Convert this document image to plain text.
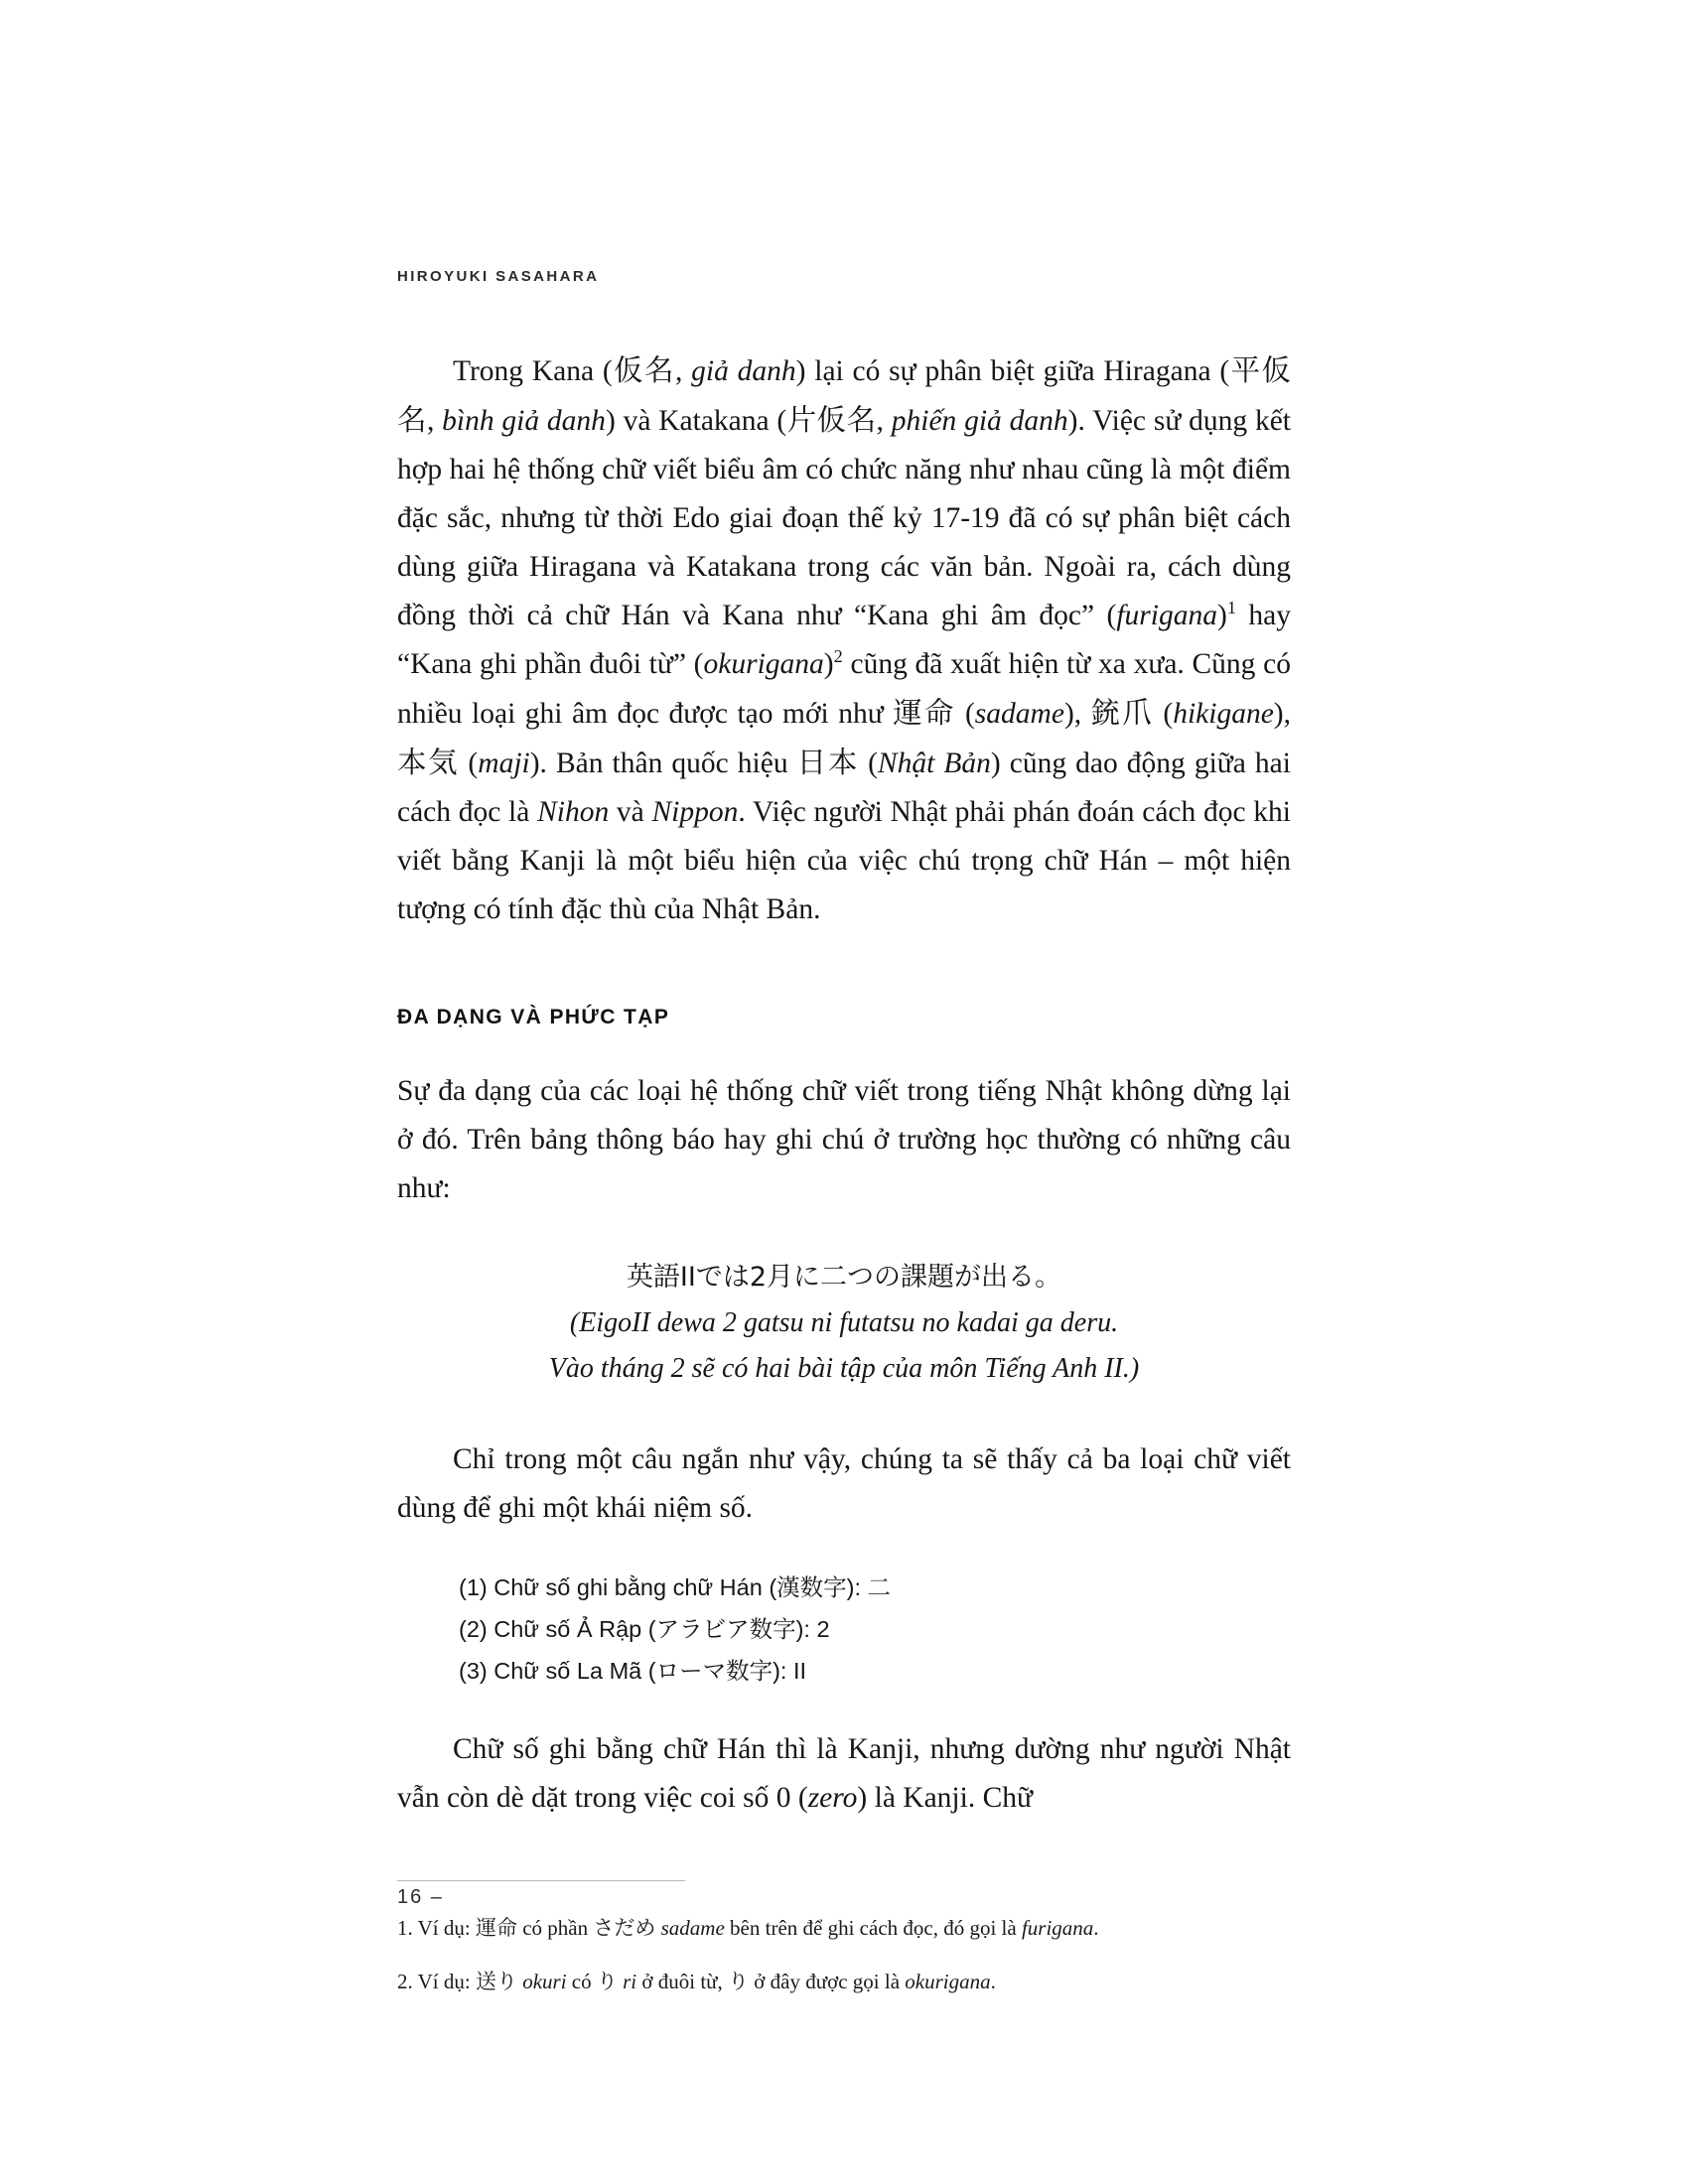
HIROYUKI SASAHARA

Trong Kana (仮名, giả danh) lại có sự phân biệt giữa Hiragana (平仮名, bình giả danh) và Katakana (片仮名, phiến giả danh). Việc sử dụng kết hợp hai hệ thống chữ viết biểu âm có chức năng như nhau cũng là một điểm đặc sắc, nhưng từ thời Edo giai đoạn thế kỷ 17-19 đã có sự phân biệt cách dùng giữa Hiragana và Katakana trong các văn bản. Ngoài ra, cách dùng đồng thời cả chữ Hán và Kana như “Kana ghi âm đọc” (furigana)$^1$ hay “Kana ghi phần đuôi từ” (okurigana)$^2$ cũng đã xuất hiện từ xa xưa. Cũng có nhiều loại ghi âm đọc được tạo mới như 運命 (sadame), 銃爪 (hikigane), 本気 (maji). Bản thân quốc hiệu 日本 (Nhật Bản) cũng dao động giữa hai cách đọc là Nihon và Nippon. Việc người Nhật phải phán đoán cách đọc khi viết bằng Kanji là một biểu hiện của việc chú trọng chữ Hán – một hiện tượng có tính đặc thù của Nhật Bản.

ĐA DẠNG VÀ PHỨC TẠP

Sự đa dạng của các loại hệ thống chữ viết trong tiếng Nhật không dừng lại ở đó. Trên bảng thông báo hay ghi chú ở trường học thường có những câu như:

英語IIでは2月に二つの課題が出る。
(EigoII dewa 2 gatsu ni futatsu no kadai ga deru.
Vào tháng 2 sẽ có hai bài tập của môn Tiếng Anh II.)

Chỉ trong một câu ngắn như vậy, chúng ta sẽ thấy cả ba loại chữ viết dùng để ghi một khái niệm số.

(1) Chữ số ghi bằng chữ Hán (漢数字): 二
(2) Chữ số Ả Rập (アラビア数字): 2
(3) Chữ số La Mã (ローマ数字): II

Chữ số ghi bằng chữ Hán thì là Kanji, nhưng dường như người Nhật vẫn còn dè dặt trong việc coi số 0 (zero) là Kanji. Chữ

1. Ví dụ: 運命 có phần さだめ sadame bên trên để ghi cách đọc, đó gọi là furigana.
2. Ví dụ: 送り okuri có り ri ở đuôi từ, り ở đây được gọi là okurigana.
16 –
